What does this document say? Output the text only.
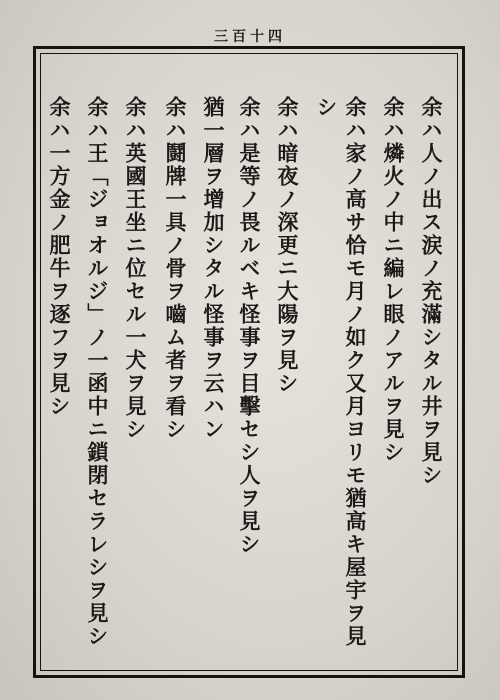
三百十四
余ハ人ノ出ス涙ノ充滿シタル井ヲ見シ
余ハ燐火ノ中ニ編レ眼ノアルヲ見シ
余ハ家ノ高サ恰モ月ノ如ク又月ヨリモ猶高キ屋宇ヲ見
シ
余ハ暗夜ノ深更ニ大陽ヲ見シ
余ハ是等ノ畏ルベキ怪事ヲ目擊セシ人ヲ見シ
猶一層ヲ增加シタル怪事ヲ云ハン
余ハ鬪牌一具ノ骨ヲ嚙ム者ヲ看シ
余ハ英國王坐ニ位セル一犬ヲ見シ
余ハ王「ジョオルジ」ノ一函中ニ鎖閉セラレシヲ見シ
余ハ一方金ノ肥牛ヲ逐フヲ見シ
